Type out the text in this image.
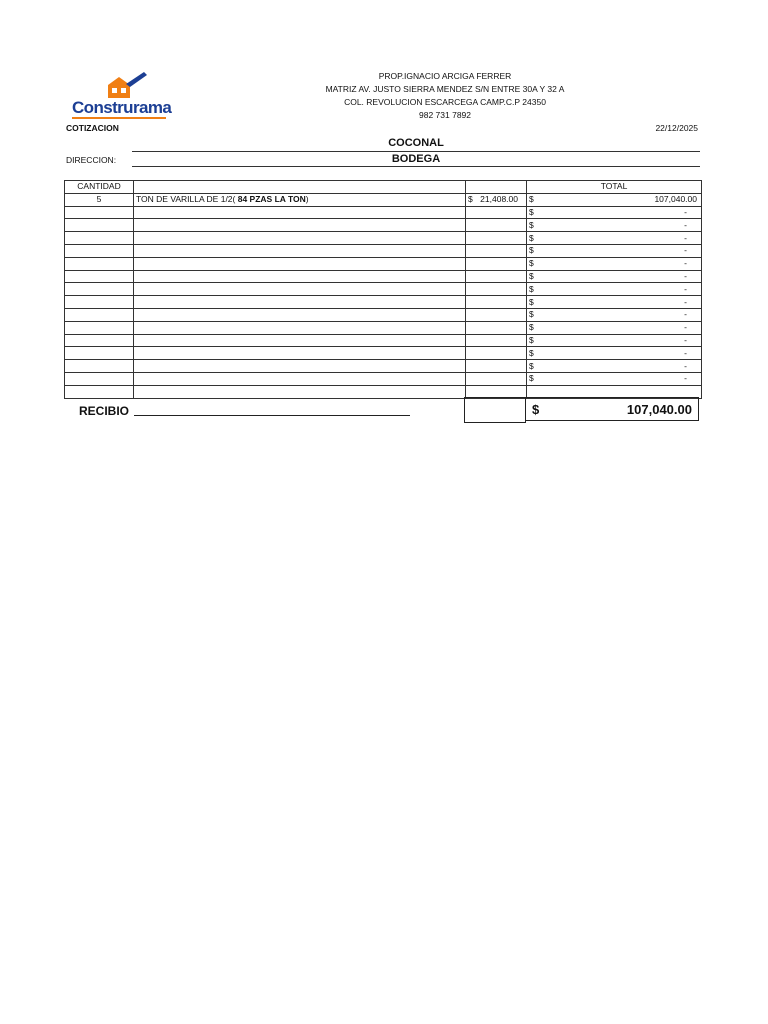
Construrama
PROP.IGNACIO ARCIGA FERRER
MATRIZ AV. JUSTO SIERRA MENDEZ S/N ENTRE 30A Y 32 A
COL. REVOLUCION ESCARCEGA CAMP.C.P 24350
982 731 7892
COTIZACION	22/12/2025
COCONAL
DIRECCION:	BODEGA
CANTIDAD			TOTAL
5	TON DE VARILLA DE 1/2( 84 PZAS LA TON)	$ 21,408.00	$ 107,040.00

			$ -

			$ -

			$ -

			$ -

			$ -

			$ -

			$ -

			$ -

			$ -

			$ -

			$ -

			$ -

			$ -

			$ -

RECIBIO	$	107,040.00
